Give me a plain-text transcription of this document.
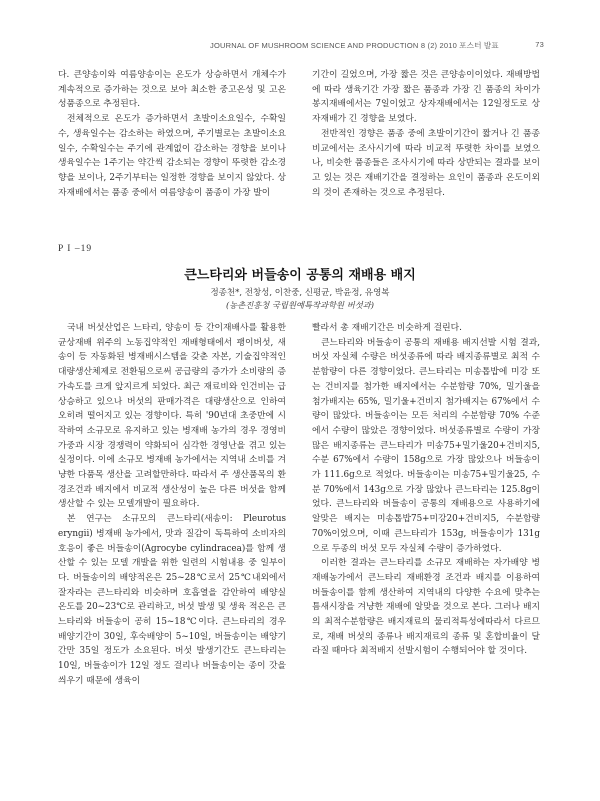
JOURNAL OF MUSHROOM SCIENCE AND PRODUCTION 8 (2) 2010 포스터 발표	73

다. 큰양송이와 여름양송이는 온도가 상승하면서 개체수가 계속적으로 증가하는 것으로 보아 최소한 중고온성 및 고온성품종으로 추정된다.

전체적으로 온도가 증가하면서 초발이소요일수, 수확일수, 생육일수는 감소하는 하였으며, 주기별로는 초발이소요일수, 수확일수는 주기에 관계없이 감소하는 경향을 보이나 생육일수는 1주기는 약간씩 감소되는 경향이 뚜렷한 감소경향을 보이나, 2주기부터는 일정한 경향을 보이지 않았다. 상자재배에서는 품종 중에서 여름양송이 품종이 가장 발이

기간이 길었으며, 가장 짧은 것은 큰양송이이었다. 재배방법에 따라 생육기간 가장 짧은 품종과 가장 긴 품종의 차이가 봉지재배에서는 7일이었고 상자재배에서는 12일정도로 상자재배가 긴 경향을 보였다.

전반적인 경향은 품종 중에 초발이기간이 짧거나 긴 품종비교에서는 조사시기에 따라 비교적 뚜렷한 차이를 보였으나, 비슷한 품종들은 조사시기에 따라 상반되는 결과를 보이고 있는 것은 재배기간을 결정하는 요인이 품종과 온도이외의 것이 존재하는 것으로 추정된다.

P I –19
큰느타리와 버들송이 공통의 재배용 배지
정종천*, 전창성, 이찬중, 신평균, 박윤정, 유영복
(농촌진흥청 국립원예특작과학원 버섯과)

국내 버섯산업은 느타리, 양송이 등 간이재배사를 활용한 균상재배 위주의 노동집약적인 재배형태에서 팽이버섯, 새송이 등 자동화된 병재배시스템을 갖춘 자본, 기술집약적인 대량생산체제로 전환됨으로써 공급량의 증가가 소비량의 증가속도를 크게 앞지르게 되었다. 최근 재료비와 인건비는 급상승하고 있으나 버섯의 판매가격은 대량생산으로 인하여 오히려 떨어지고 있는 경향이다. 특히 '90년대 초중반에 시작하여 소규모로 유지하고 있는 병재배 농가의 경우 경영비 가중과 시장 경쟁력이 약화되어 심각한 경영난을 겪고 있는 실정이다. 이에 소규모 병재배 농가에서는 지역내 소비를 겨냥한 다품목 생산을 고려할만하다. 따라서 주 생산품목의 환경조건과 배지에서 비교적 생산성이 높은 다른 버섯을 함께 생산할 수 있는 모델개발이 필요하다.

본 연구는 소규모의 큰느타리(새송이: Pleurotus eryngii) 병재배 농가에서, 맛과 질감이 독특하여 소비자의 호응이 좋은 버들송이(Agrocybe cylindracea)를 함께 생산할 수 있는 모델 개발을 위한 일련의 시험내용 중 일부이다. 버들송이의 배양적온은 25~28℃로서 25℃내외에서 잘자라는 큰느타리와 비슷하며 호흡열을 감안하여 배양실 온도를 20~23℃로 관리하고, 버섯 발생 및 생육 적온은 큰느타리와 버들송이 공히 15~18℃이다. 큰느타리의 경우 배양기간이 30일, 후숙배양이 5~10일, 버들송이는 배양기간만 35일 정도가 소요된다. 버섯 발생기간도 큰느타리는 10일, 버들송이가 12일 정도 걸리나 버들송이는 종이 갓을 씌우기 때문에 생육이

빨라서 총 재배기간은 비슷하게 걸린다.

큰느타리와 버들송이 공통의 재배용 배지선발 시험 결과, 버섯 자실체 수량은 버섯종류에 따라 배지종류별로 최적 수분함량이 다른 경향이었다. 큰느타리는 미송톱밥에 미강 또는 건비지를 첨가한 배지에서는 수분함량 70%, 밀기울을 첨가배지는 65%, 밀기울+건비지 첨가배지는 67%에서 수량이 많았다. 버들송이는 모든 처리의 수분함량 70% 수준에서 수량이 많았은 경향이었다. 버섯종류별로 수량이 가장 많은 배지종류는 큰느타리가 미송75+밀기울20+건비지5, 수분 67%에서 수량이 158g으로 가장 많았으나 버들송이가 111.6g으로 적었다. 버들송이는 미송75+밀기울25, 수분 70%에서 143g으로 가장 많았나 큰느타리는 125.8g이었다. 큰느타리와 버들송이 공통의 재배용으로 사용하기에 알맞은 배지는 미송톱밥75+미강20+건비지5, 수분함량 70%이었으며, 이때 큰느타리가 153g, 버들송이가 131g으로 두종의 버섯 모두 자실체 수량이 증가하였다.

이러한 결과는 큰느타리를 소규모 재배하는 자가배양 병재배농가에서 큰느타리 재배환경 조건과 배지를 이용하여 버들송이를 함께 생산하여 지역내의 다양한 수요에 맞추는 틈새시장을 겨냥한 재배에 알맞을 것으로 본다. 그러나 배지의 최적수분함량은 배지재료의 물리적특성에따라서 다르므로, 재배 버섯의 종류나 배지재료의 종류 및 혼합비율이 달라질 때마다 최적배지 선발시험이 수행되어야 할 것이다.
